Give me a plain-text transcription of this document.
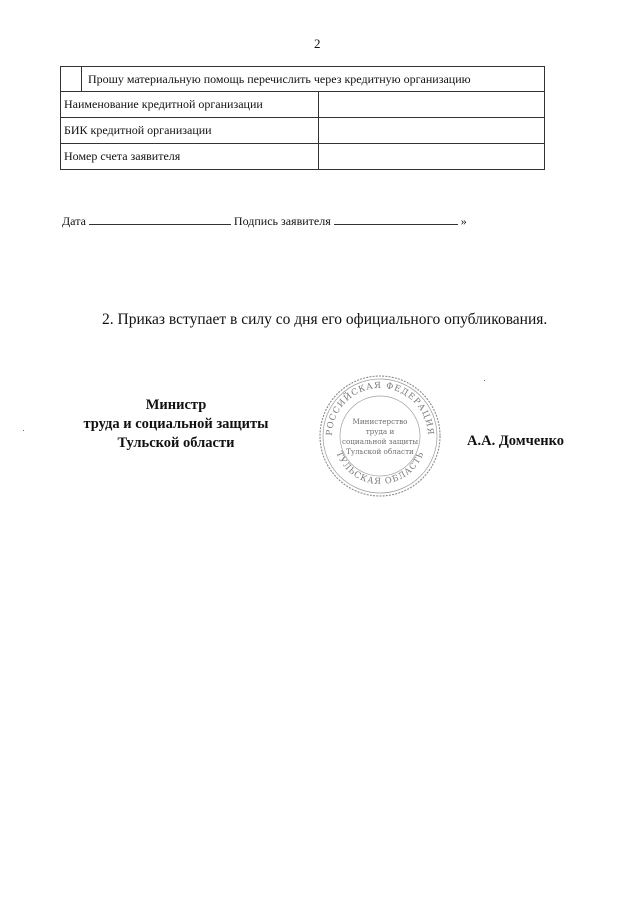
2
Прошу материальную помощь перечислить через кредитную организацию
Наименование кредитной организации
БИК кредитной организации
Номер счета заявителя
Дата	Подпись заявителя	»
2. Приказ вступает в силу со дня его официального опубликования.
Министр
труда и социальной защиты
Тульской области
РОССИЙСКАЯ ФЕДЕРАЦИЯ
ТУЛЬСКАЯ ОБЛАСТЬ
Министерство
труда и
социальной защиты
Тульской области
А.А. Домченко
